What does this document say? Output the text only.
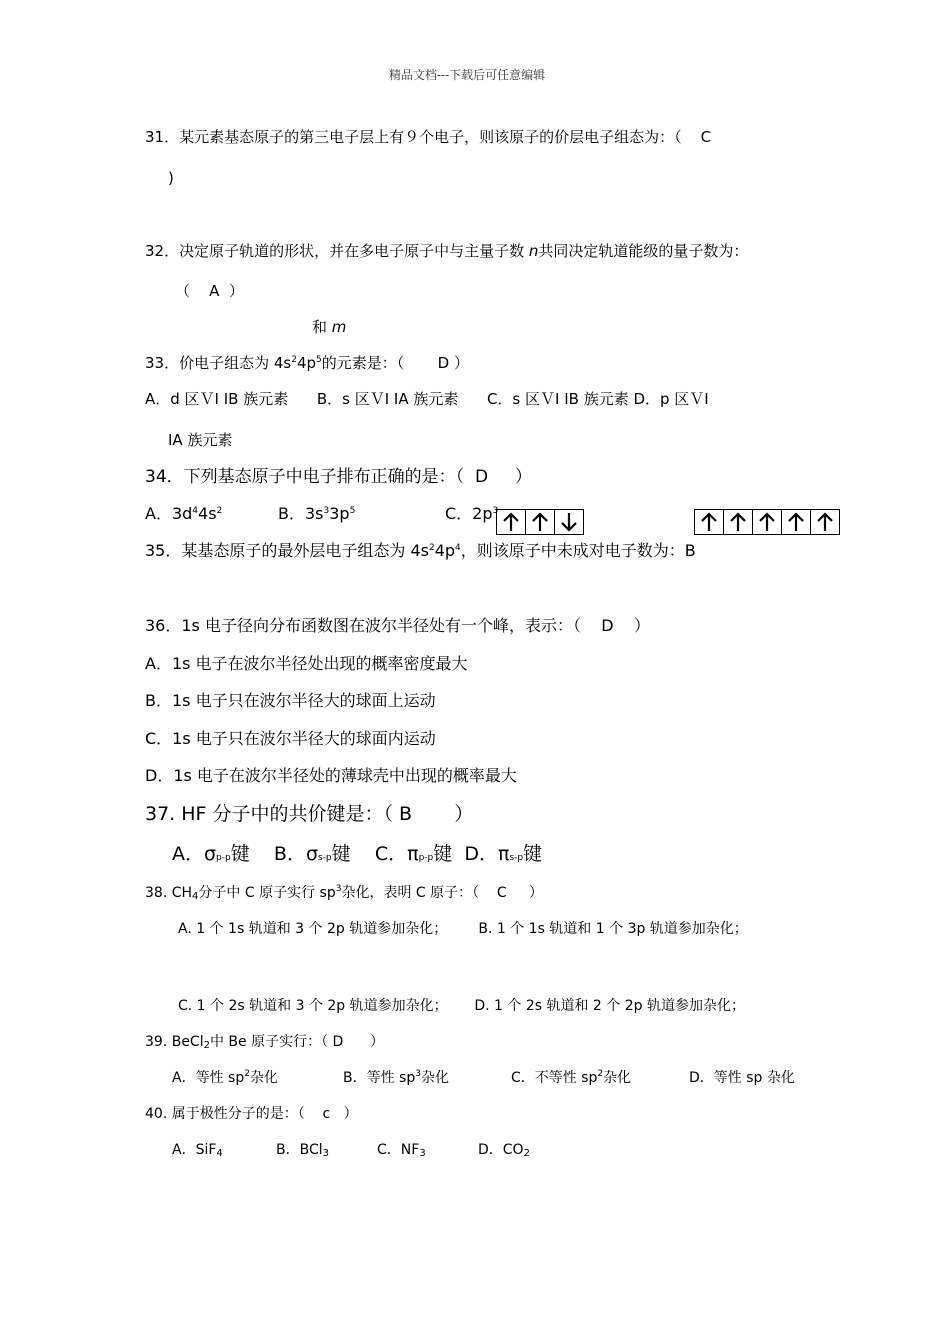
精品文档---下载后可任意编辑
31．某元素基态原子的第三电子层上有９个电子，则该原子的价层电子组态为：（    C
)
32．决定原子轨道的形状，并在多电子原子中与主量子数 n共同决定轨道能级的量子数为：
（    A  ）
和 m
33．价电子组态为 $4s^24p^5$的元素是：（       D ）
A．d 区ＶⅠ ⅠB 族元素      B．s 区ＶⅠ ⅠA 族元素      C．s 区ＶⅠ ⅠB 族元素 D．p 区ＶⅠ
ⅠA 族元素
34．下列基态原子中电子排布正确的是：（  D     ）
A．$3d^44s^2$	B．$3s^33p^5$	C．$2p^3$
35．某基态原子的最外层电子组态为 $4s^24p^4$，则该原子中未成对电子数为：B
36．1s 电子径向分布函数图在波尔半径处有一个峰，表示：（    D    ）
A．1s 电子在波尔半径处出现的概率密度最大
B．1s 电子只在波尔半径大的球面上运动
C．1s 电子只在波尔半径大的球面内运动
D．1s 电子在波尔半径处的薄球壳中出现的概率最大
37. HF 分子中的共价键是：（ B       ）
A．σp-p键 B．σs-p键 C．πp-p键 D．πs-p键
38. CH4分子中 C 原子实行 $sp^3$杂化，表明 C 原子：（    C     ）
A. 1 个 1s 轨道和 3 个 2p 轨道参加杂化；       B. 1 个 1s 轨道和 1 个 3p 轨道参加杂化；
C. 1 个 2s 轨道和 3 个 2p 轨道参加杂化；      D. 1 个 2s 轨道和 2 个 2p 轨道参加杂化；
39. BeCl2中 Be 原子实行：（ D      ）
A．等性 $sp^2$杂化	B．等性 $sp^3$杂化	C．不等性 $sp^2$杂化	D．等性 sp 杂化
40. 属于极性分子的是：（    c   ）
A．SiF4	B．BCl3	C．NF3	D．CO2
